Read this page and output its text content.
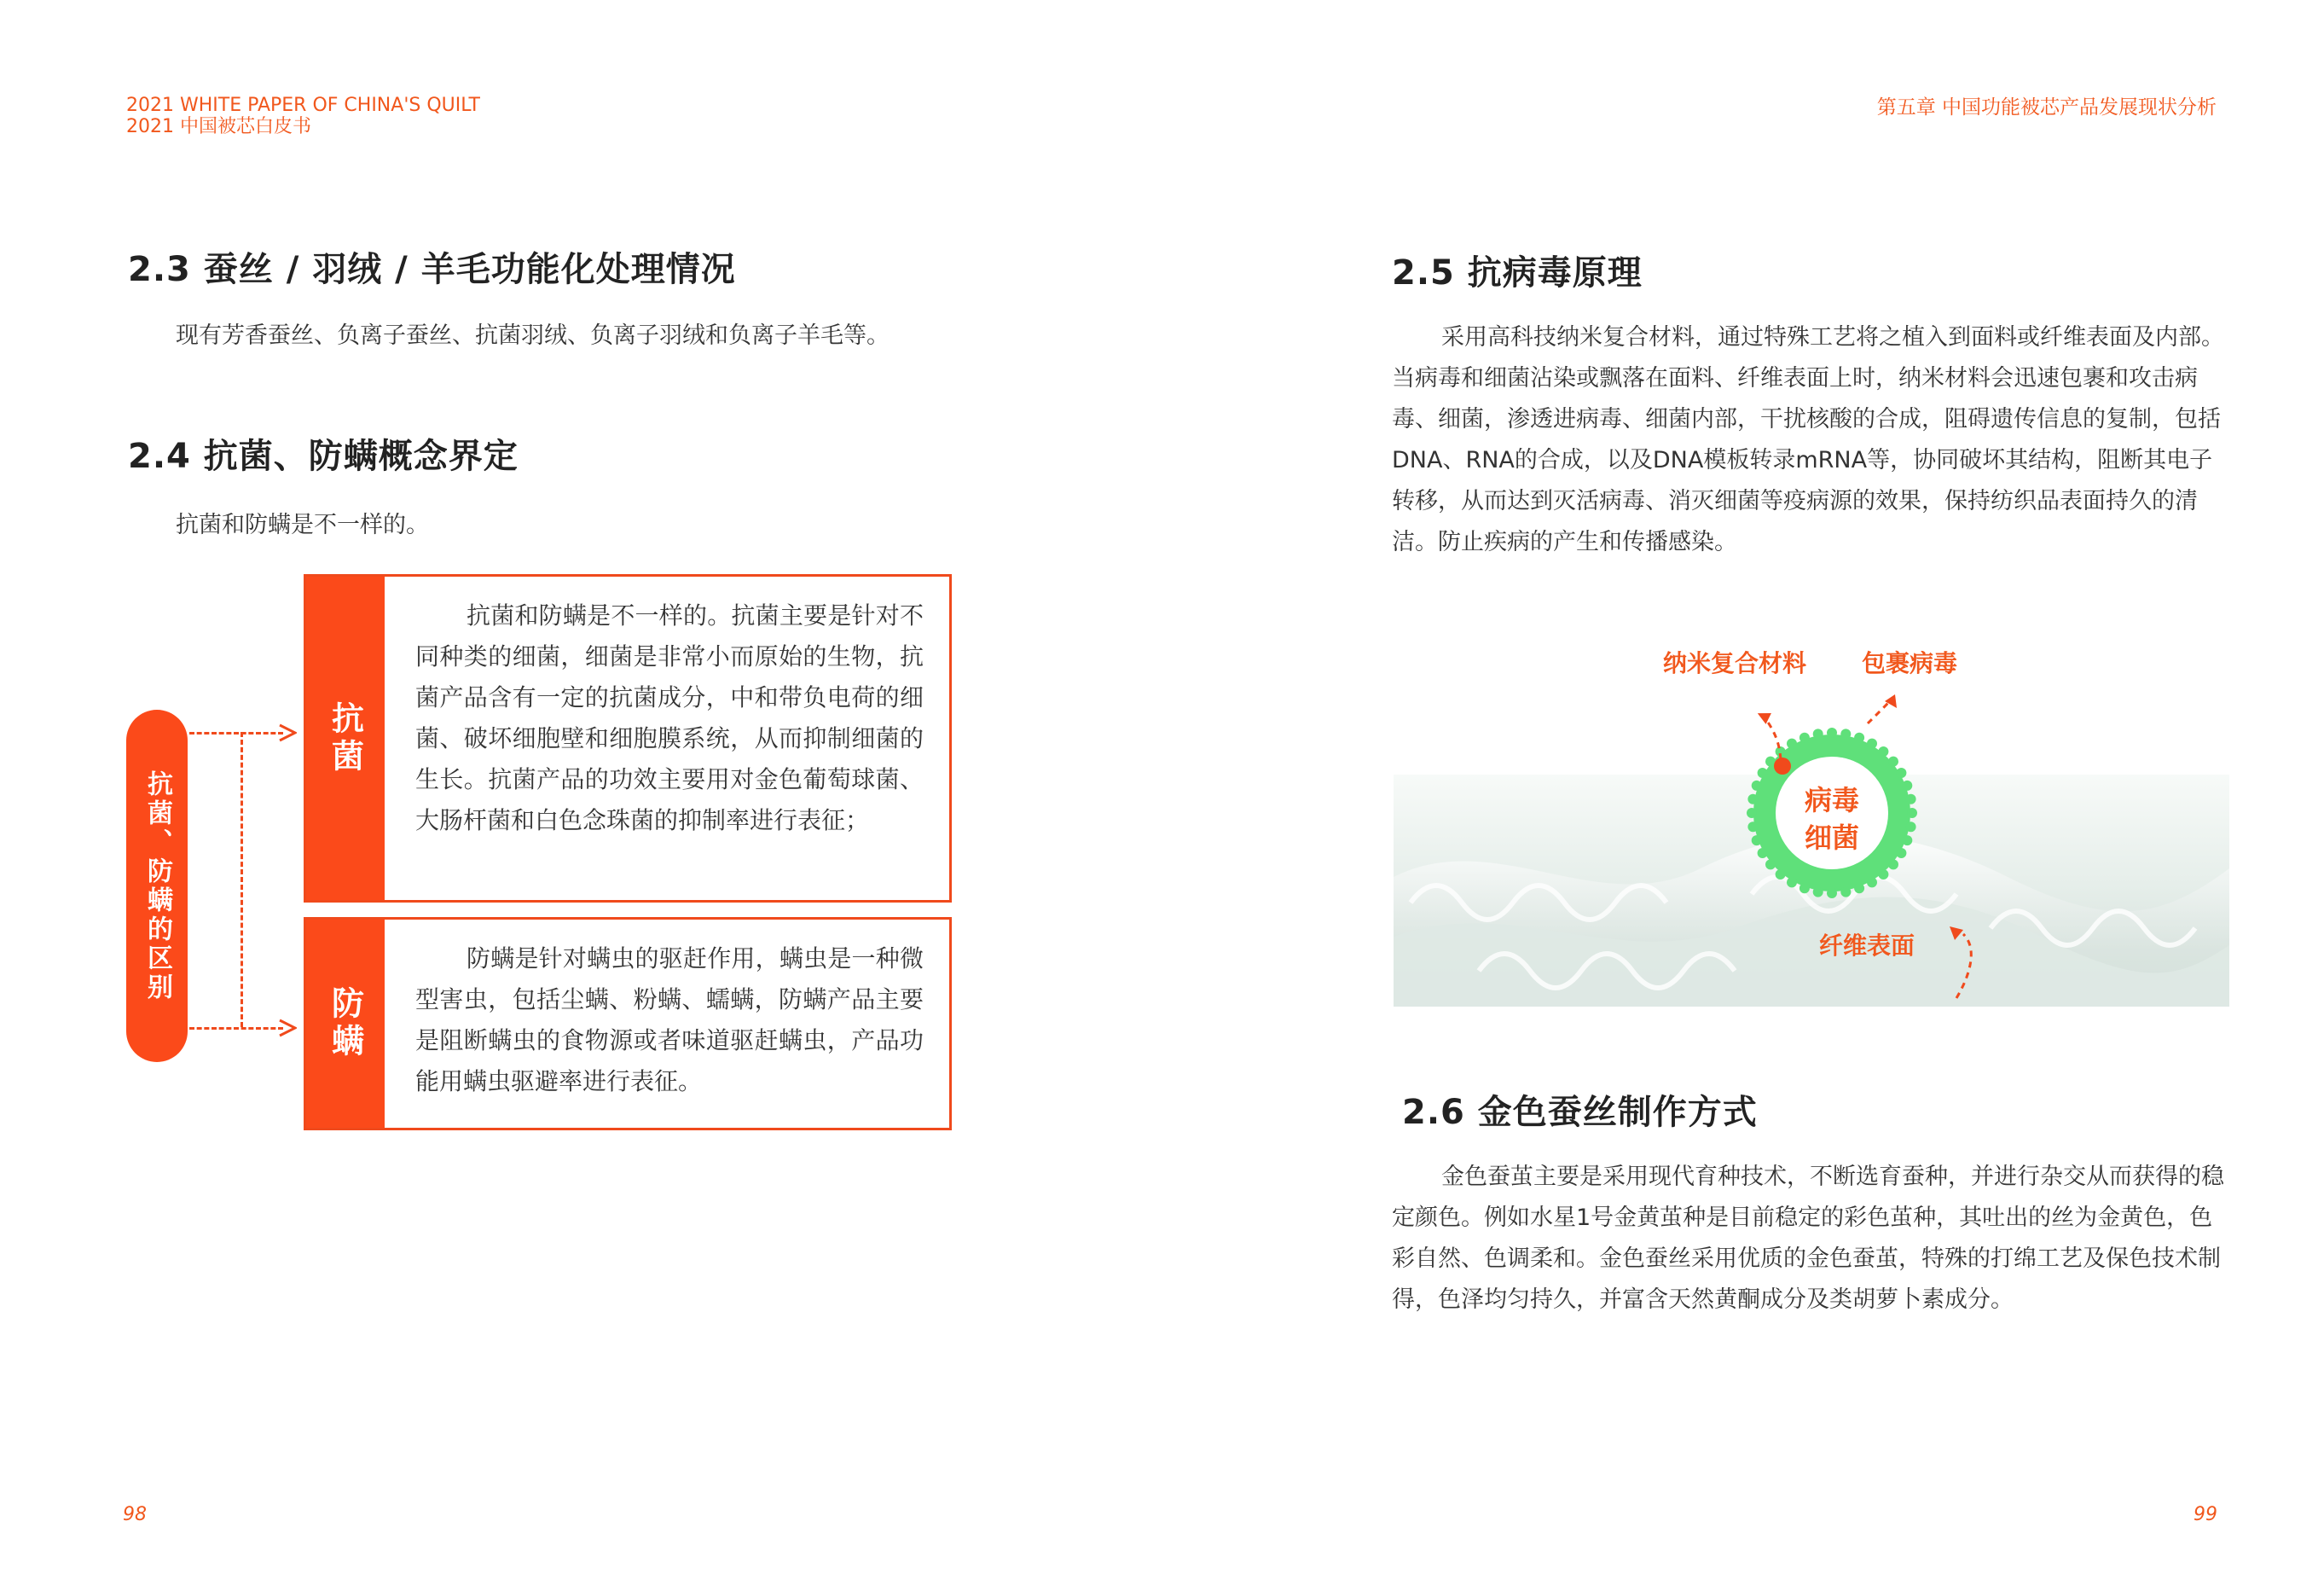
2021 WHITE PAPER OF CHINA'S QUILT
2021 中国被芯白皮书
第五章 中国功能被芯产品发展现状分析
2.3 蚕丝 / 羽绒 / 羊毛功能化处理情况
现有芳香蚕丝、负离子蚕丝、抗菌羽绒、负离子羽绒和负离子羊毛等。
2.4 抗菌、防螨概念界定
抗菌和防螨是不一样的。
抗菌、防螨的区别
抗菌
抗菌和防螨是不一样的。抗菌主要是针对不同种类的细菌，细菌是非常小而原始的生物，抗菌产品含有一定的抗菌成分，中和带负电荷的细菌、破坏细胞壁和细胞膜系统，从而抑制细菌的生长。抗菌产品的功效主要用对金色葡萄球菌、大肠杆菌和白色念珠菌的抑制率进行表征；
防螨
防螨是针对螨虫的驱赶作用，螨虫是一种微型害虫，包括尘螨、粉螨、蠕螨，防螨产品主要是阻断螨虫的食物源或者味道驱赶螨虫，产品功能用螨虫驱避率进行表征。
98
2.5 抗病毒原理
采用高科技纳米复合材料，通过特殊工艺将之植入到面料或纤维表面及内部。当病毒和细菌沾染或飘落在面料、纤维表面上时，纳米材料会迅速包裹和攻击病毒、细菌，渗透进病毒、细菌内部，干扰核酸的合成，阻碍遗传信息的复制，包括DNA、RNA的合成，以及DNA模板转录mRNA等，协同破坏其结构，阻断其电子转移，从而达到灭活病毒、消灭细菌等疫病源的效果，保持纺织品表面持久的清洁。防止疾病的产生和传播感染。
病毒
细菌
纳米复合材料 包裹病毒
纤维表面
2.6 金色蚕丝制作方式
金色蚕茧主要是采用现代育种技术，不断选育蚕种，并进行杂交从而获得的稳定颜色。例如水星1号金黄茧种是目前稳定的彩色茧种，其吐出的丝为金黄色，色彩自然、色调柔和。金色蚕丝采用优质的金色蚕茧，特殊的打绵工艺及保色技术制得，色泽均匀持久，并富含天然黄酮成分及类胡萝卜素成分。
99
